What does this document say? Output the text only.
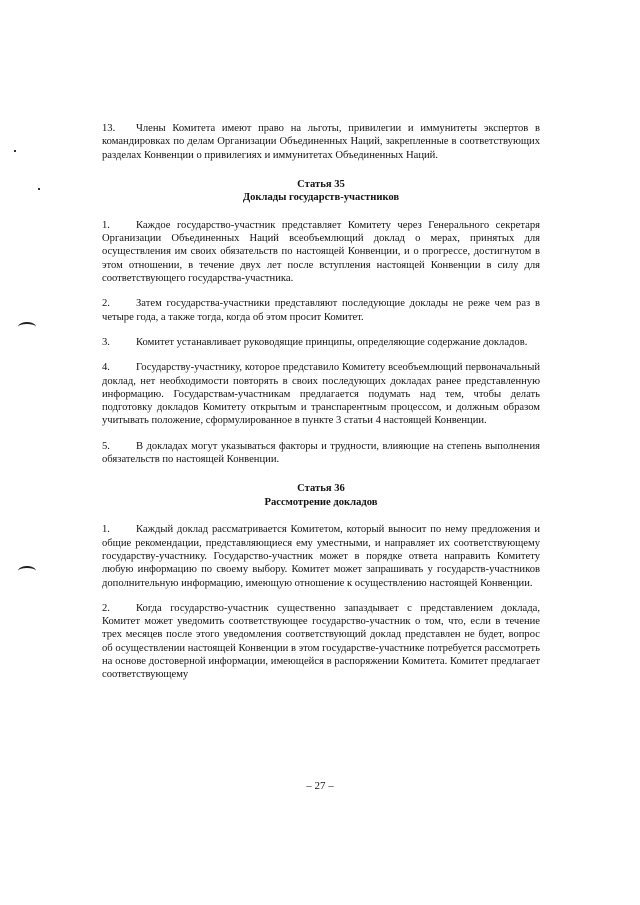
13. Члены Комитета имеют право на льготы, привилегии и иммунитеты экспертов в командировках по делам Организации Объединенных Наций, закрепленные в соответствующих разделах Конвенции о привилегиях и иммунитетах Объединенных Наций.

Статья 35
Доклады государств-участников

1. Каждое государство-участник представляет Комитету через Генерального секретаря Организации Объединенных Наций всеобъемлющий доклад о мерах, принятых для осуществления им своих обязательств по настоящей Конвенции, и о прогрессе, достигнутом в этом отношении, в течение двух лет после вступления настоящей Конвенции в силу для соответствующего государства-участника.

2. Затем государства-участники представляют последующие доклады не реже чем раз в четыре года, а также тогда, когда об этом просит Комитет.

3. Комитет устанавливает руководящие принципы, определяющие содержание докладов.

4. Государству-участнику, которое представило Комитету всеобъемлющий первоначальный доклад, нет необходимости повторять в своих последующих докладах ранее представленную информацию. Государствам-участникам предлагается подумать над тем, чтобы делать подготовку докладов Комитету открытым и транспарентным процессом, и должным образом учитывать положение, сформулированное в пункте 3 статьи 4 настоящей Конвенции.

5. В докладах могут указываться факторы и трудности, влияющие на степень выполнения обязательств по настоящей Конвенции.

Статья 36
Рассмотрение докладов

1. Каждый доклад рассматривается Комитетом, который выносит по нему предложения и общие рекомендации, представляющиеся ему уместными, и направляет их соответствующему государству-участнику. Государство-участник может в порядке ответа направить Комитету любую информацию по своему выбору. Комитет может запрашивать у государств-участников дополнительную информацию, имеющую отношение к осуществлению настоящей Конвенции.

2. Когда государство-участник существенно запаздывает с представлением доклада, Комитет может уведомить соответствующее государство-участник о том, что, если в течение трех месяцев после этого уведомления соответствующий доклад представлен не будет, вопрос об осуществлении настоящей Конвенции в этом государстве-участнике потребуется рассмотреть на основе достоверной информации, имеющейся в распоряжении Комитета. Комитет предлагает соответствующему

– 27 –
